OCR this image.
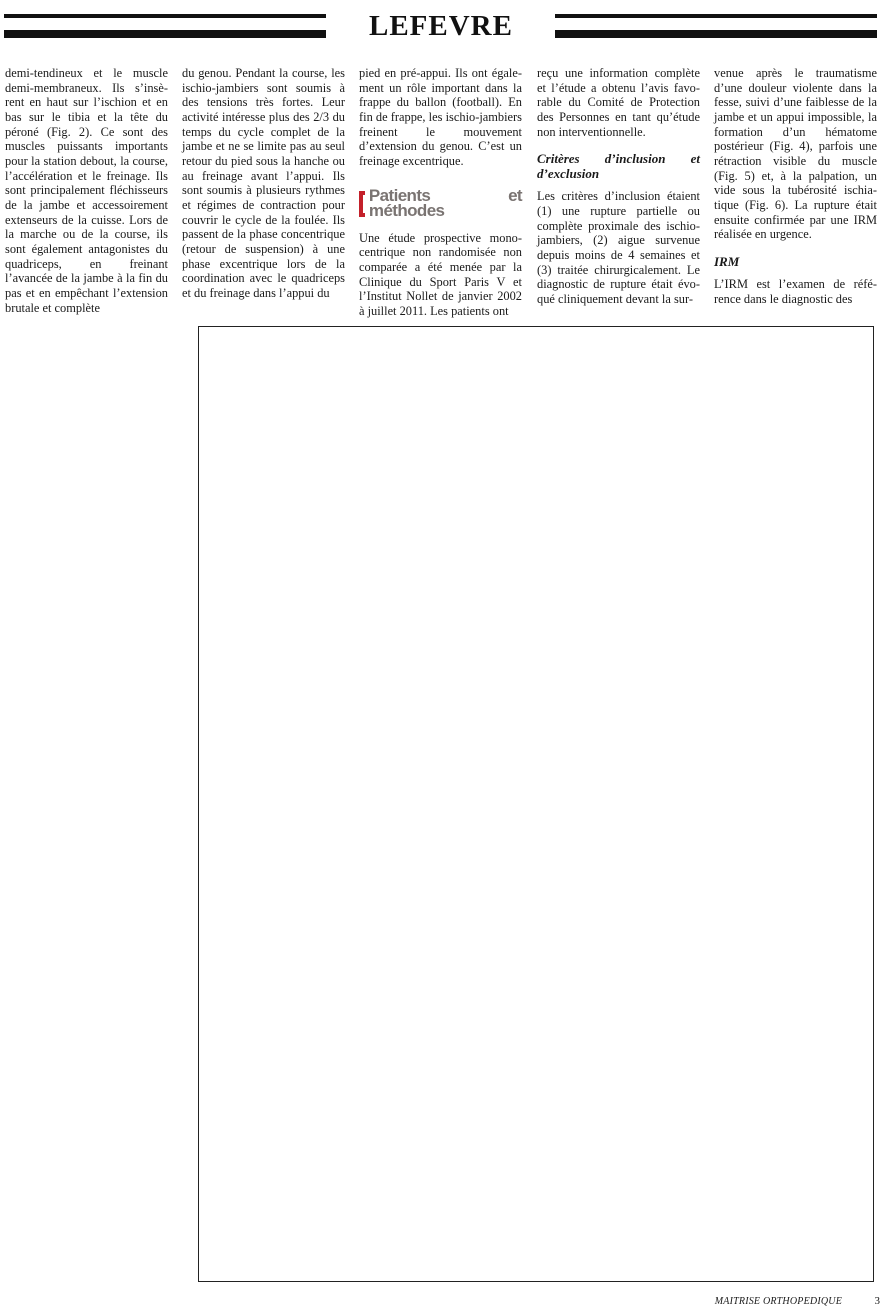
LEFEVRE

demi-tendineux et le muscle demi-membraneux. Ils s’insèrent en haut sur l’ischion et en bas sur le tibia et la tête du péroné (Fig. 2). Ce sont des muscles puissants importants pour la station debout, la course, l’accélération et le freinage. Ils sont principalement fléchisseurs de la jambe et accessoirement extenseurs de la cuisse. Lors de la marche ou de la course, ils sont également antagonistes du quadriceps, en freinant l’avancée de la jambe à la fin du pas et en empêchant l’extension brutale et complète

du genou. Pendant la course, les ischio-jambiers sont soumis à des tensions très fortes. Leur activité intéresse plus des 2/3 du temps du cycle complet de la jambe et ne se limite pas au seul retour du pied sous la hanche ou au freinage avant l’appui. Ils sont soumis à plusieurs rythmes et régimes de contraction pour couvrir le cycle de la foulée. Ils passent de la phase concentrique (retour de suspension) à une phase excentrique lors de la coordination avec le quadriceps et du freinage dans l’appui du

pied en pré-appui. Ils ont également un rôle important dans la frappe du ballon (football). En fin de frappe, les ischio-jambiers freinent le mouvement d’extension du genou. C’est un freinage excentrique.

Patients et méthodes

Une étude prospective monocentrique non randomisée non comparée a été menée par la Clinique du Sport Paris V et l’Institut Nollet de janvier 2002 à juillet 2011. Les patients ont

reçu une information complète et l’étude a obtenu l’avis favorable du Comité de Protection des Personnes en tant qu’étude non interventionnelle.

Critères d’inclusion et d’exclusion

Les critères d’inclusion étaient (1) une rupture partielle ou complète proximale des ischiojambiers, (2) aigue survenue depuis moins de 4 semaines et (3) traitée chirurgicalement. Le diagnostic de rupture était évoqué cliniquement devant la sur-

venue après le traumatisme d’une douleur violente dans la fesse, suivi d’une faiblesse de la jambe et un appui impossible, la formation d’un hématome postérieur (Fig. 4), parfois une rétraction visible du muscle (Fig. 5) et, à la palpation, un vide sous la tubérosité ischiatique (Fig. 6). La rupture était ensuite confirmée par une IRM réalisée en urgence.

IRM

L’IRM est l’examen de référence dans le diagnostic des

MAITRISE ORTHOPEDIQUE	3
